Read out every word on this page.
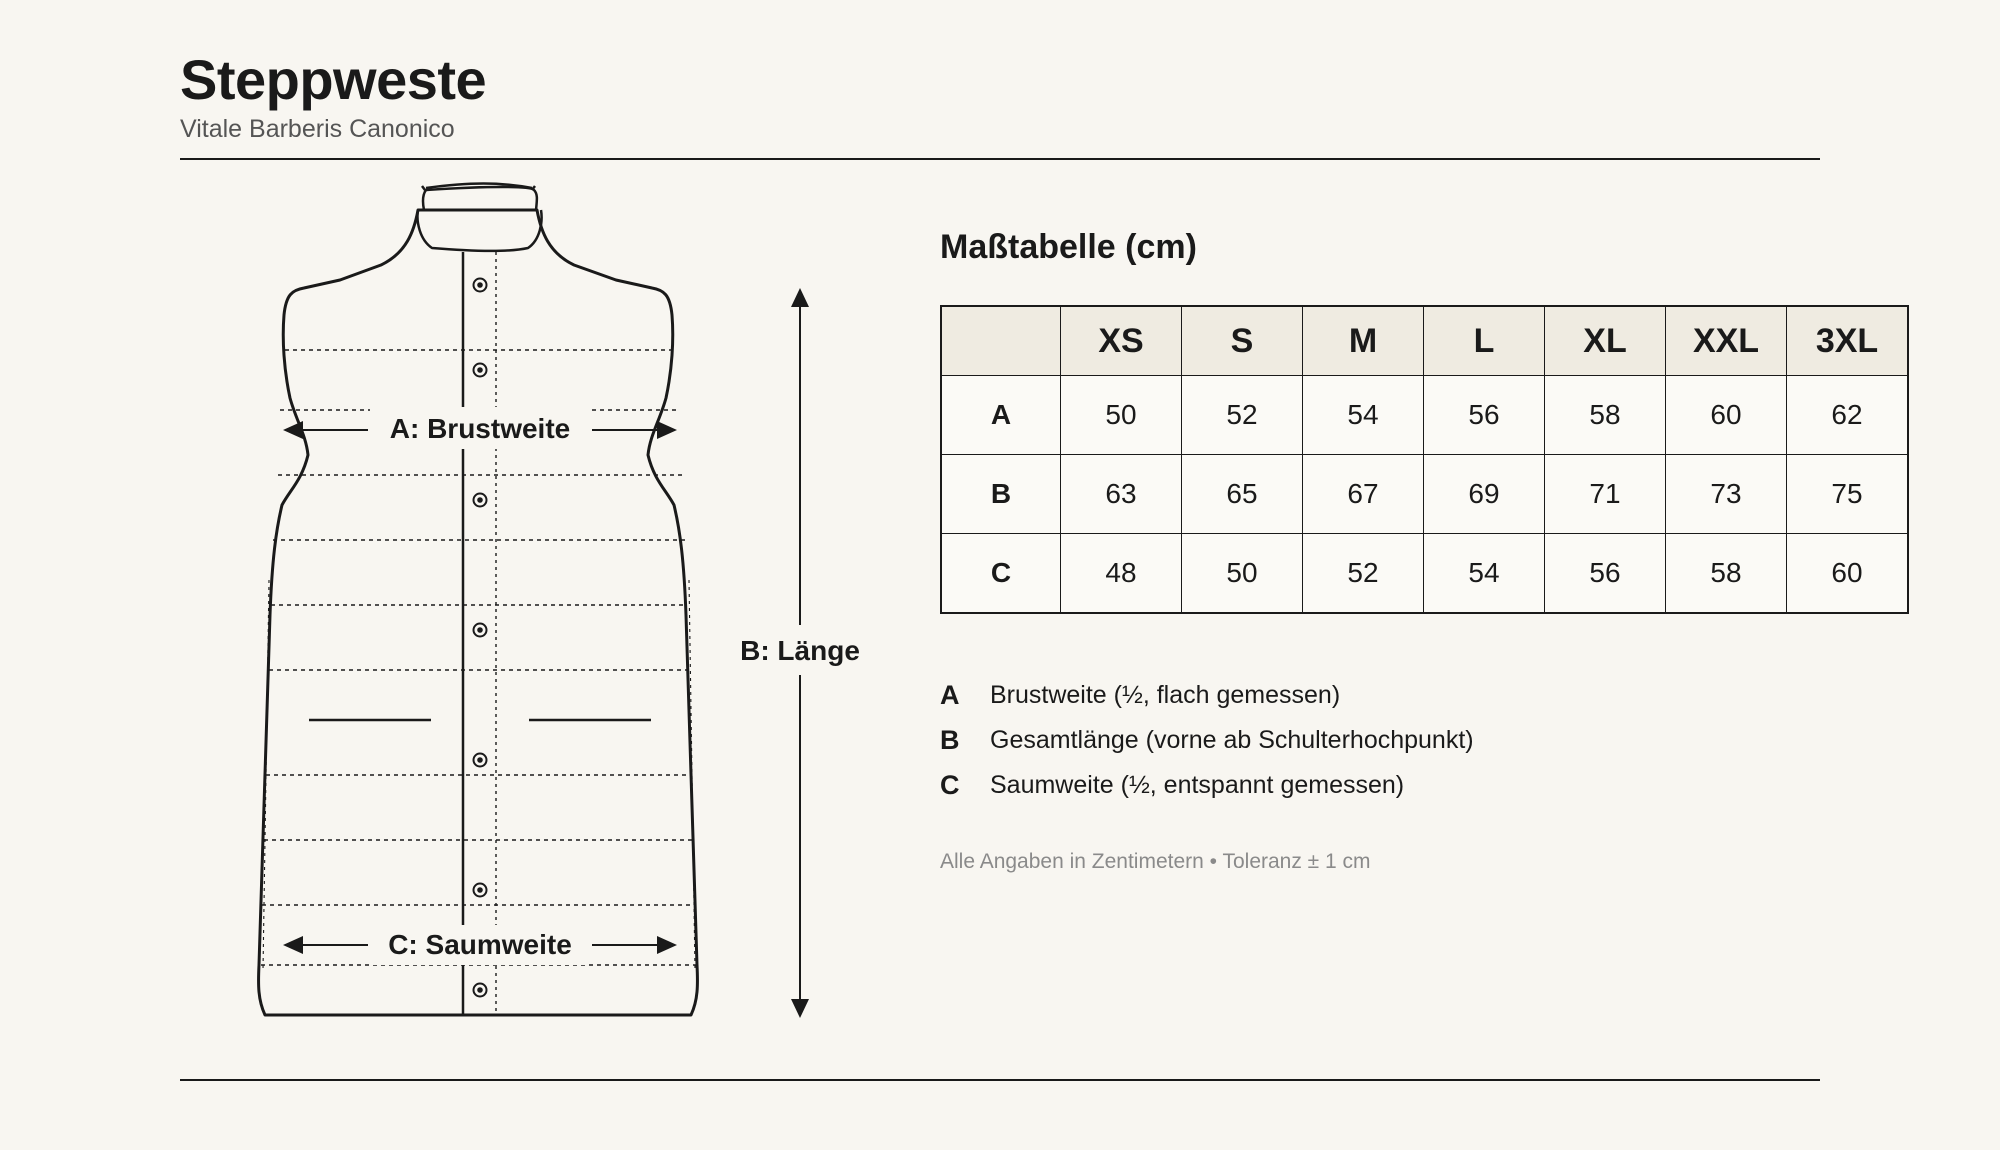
Steppweste
Vitale Barberis Canonico
A: Brustweite
C: Saumweite
B: Länge
Maßtabelle (cm)
	XS	S	M	L	XL	XXL	3XL
A	50	52	54	56	58	60	62
B	63	65	67	69	71	73	75
C	48	50	52	54	56	58	60
A	Brustweite (½, flach gemessen)
B	Gesamtlänge (vorne ab Schulterhochpunkt)
C	Saumweite (½, entspannt gemessen)
Alle Angaben in Zentimetern • Toleranz ± 1 cm
